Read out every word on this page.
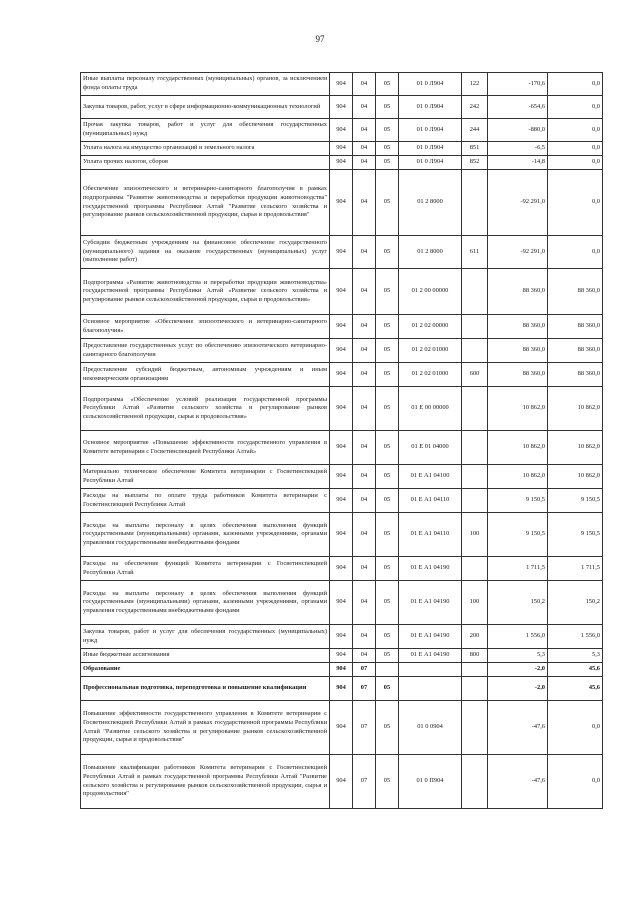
97
Иные выплаты персоналу государственных (муниципальных) органов, за исключением фонда оплаты труда	904	04	05	01 0 Л904	122	-170,6	0,0
Закупка товаров, работ, услуг в сфере информационно-коммуникационных технологий	904	04	05	01 0 Л904	242	-654,6	0,0
Прочая закупка товаров, работ и услуг для обеспечения государственных (муниципальных) нужд	904	04	05	01 0 Л904	244	-880,0	0,0
Уплата налога на имущество организаций и земельного налога	904	04	05	01 0 Л904	851	-6,5	0,0
Уплата прочих налогов, сборов	904	04	05	01 0 Л904	852	-14,8	0,0
Обеспечение эпизоотического и ветеринарно-санитарного благополучия в рамках подпрограммы "Развитие животноводства и переработки продукции животноводства" государственной программы Республики Алтай "Развитие сельского хозяйства и регулирование рынков сельскохозяйственной продукции, сырья и продовольствия"	904	04	05	01 2 8000		-92 291,0	0,0
Субсидии бюджетным учреждениям на финансовое обеспечение государственного (муниципального) задания на оказание государственных (муниципальных) услуг (выполнение работ)	904	04	05	01 2 8000	611	-92 291,0	0,0
Подпрограмма «Развитие животноводства и переработки продукции животноводства» государственной программы Республики Алтай «Развитие сельского хозяйства и регулирование рынков сельскохозяйственной продукции, сырья и продовольствия»	904	04	05	01 2 00 00000		88 360,0	88 360,0
Основное мероприятие «Обеспечение эпизоотического и ветеринарно-санитарного благополучия»	904	04	05	01 2 02 00000		88 360,0	88 360,0
Предоставление государственных услуг по обеспечению эпизоотического ветеринарно-санитарного благополучия	904	04	05	01 2 02 01000		88 360,0	88 360,0
Предоставление субсидий бюджетным, автономным учреждениям и иным некоммерческим организациям	904	04	05	01 2 02 01000	600	88 360,0	88 360,0
Подпрограмма «Обеспечение условий реализации государственной программы Республики Алтай «Развитие сельского хозяйства и регулирование рынков сельскохозяйственной продукции, сырья и продовольствия»	904	04	05	01 Е 00 00000		10 862,0	10 862,0
Основное мероприятие «Повышение эффективности государственного управления в Комитете ветеринарии с Госветинспекцией Республики Алтай»	904	04	05	01 Е 01 04000		10 862,0	10 862,0
Материально техническое обеспечение Комитета ветеринарии с Госветинспекцией Республики Алтай	904	04	05	01 Е А1 04100		10 862,0	10 862,0
Расходы на выплаты по оплате труда работников Комитета ветеринарии с Госветинспекцией Республики Алтай	904	04	05	01 Е А1 04110		9 150,5	9 150,5
Расходы на выплаты персоналу в целях обеспечения выполнения функций государственными (муниципальными) органами, казенными учреждениями, органами управления государственными внебюджетными фондами	904	04	05	01 Е А1 04110	100	9 150,5	9 150,5
Расходы на обеспечение функций Комитета ветеринарии с Госветинспекцией Республики Алтай	904	04	05	01 Е А1 04190		1 711,5	1 711,5
Расходы на выплаты персоналу в целях обеспечения выполнения функций государственными (муниципальными) органами, казенными учреждениями, органами управления государственными внебюджетными фондами	904	04	05	01 Е А1 04190	100	150,2	150,2
Закупка товаров, работ и услуг для обеспечения государственных (муниципальных) нужд	904	04	05	01 Е А1 04190	200	1 556,0	1 556,0
Иные бюджетные ассигнования	904	04	05	01 Е А1 04190	800	5,3	5,3
Образование	904	07				-2,0	45,6
Профессиональная подготовка, переподготовка и повышение квалификации	904	07	05			-2,0	45,6
Повышение эффективности государственного управления в Комитете ветеринарии с Госветинспекцией Республики Алтай в рамках государственной программы Республики Алтай "Развитие сельского хозяйства и регулирование рынков сельскохозяйственной продукции, сырья и продовольствия"	904	07	05	01 0 0904		-47,6	0,0
Повышение квалификации работников Комитета ветеринарии с Госветинспекцией Республики Алтай в рамках государственной программы Республики Алтай "Развитие сельского хозяйства и регулирование рынков сельскохозяйственной продукции, сырья и продовольствия"	904	07	05	01 0 П904		-47,6	0,0
